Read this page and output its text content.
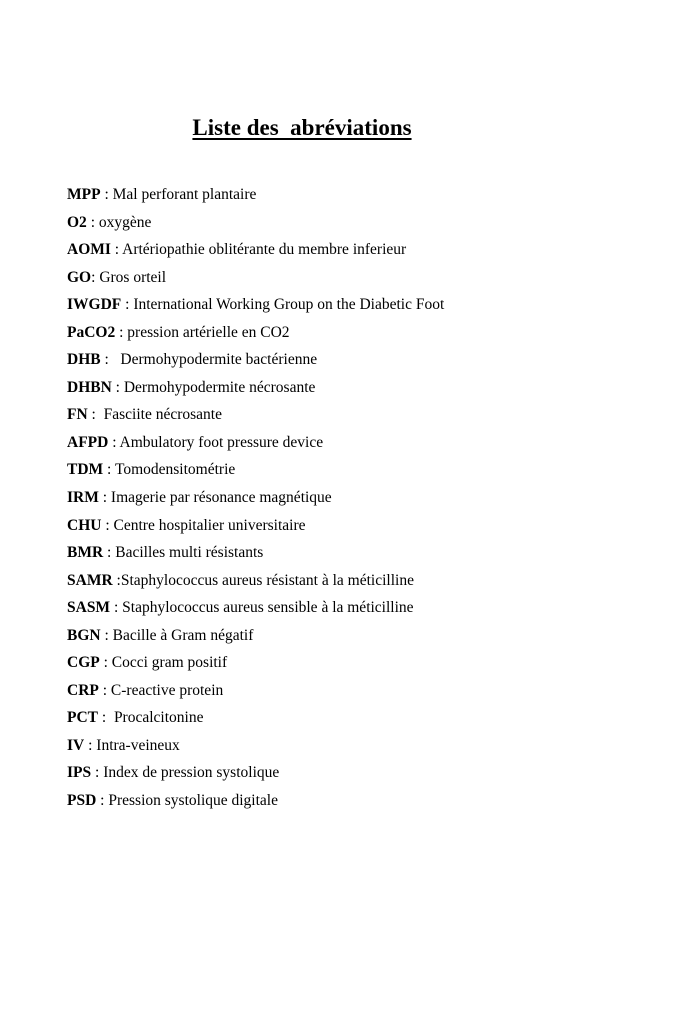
Liste des  abréviations
MPP : Mal perforant plantaire
O2 : oxygène
AOMI : Artériopathie oblitérante du membre inferieur
GO: Gros orteil
IWGDF : International Working Group on the Diabetic Foot
PaCO2 : pression artérielle en CO2
DHB :   Dermohypodermite bactérienne
DHBN : Dermohypodermite nécrosante
FN :  Fasciite nécrosante
AFPD : Ambulatory foot pressure device
TDM : Tomodensitométrie
IRM : Imagerie par résonance magnétique
CHU : Centre hospitalier universitaire
BMR : Bacilles multi résistants
SAMR :Staphylococcus aureus résistant à la méticilline
SASM : Staphylococcus aureus sensible à la méticilline
BGN : Bacille à Gram négatif
CGP : Cocci gram positif
CRP : C-reactive protein
PCT :  Procalcitonine
IV : Intra-veineux
IPS : Index de pression systolique
PSD : Pression systolique digitale
